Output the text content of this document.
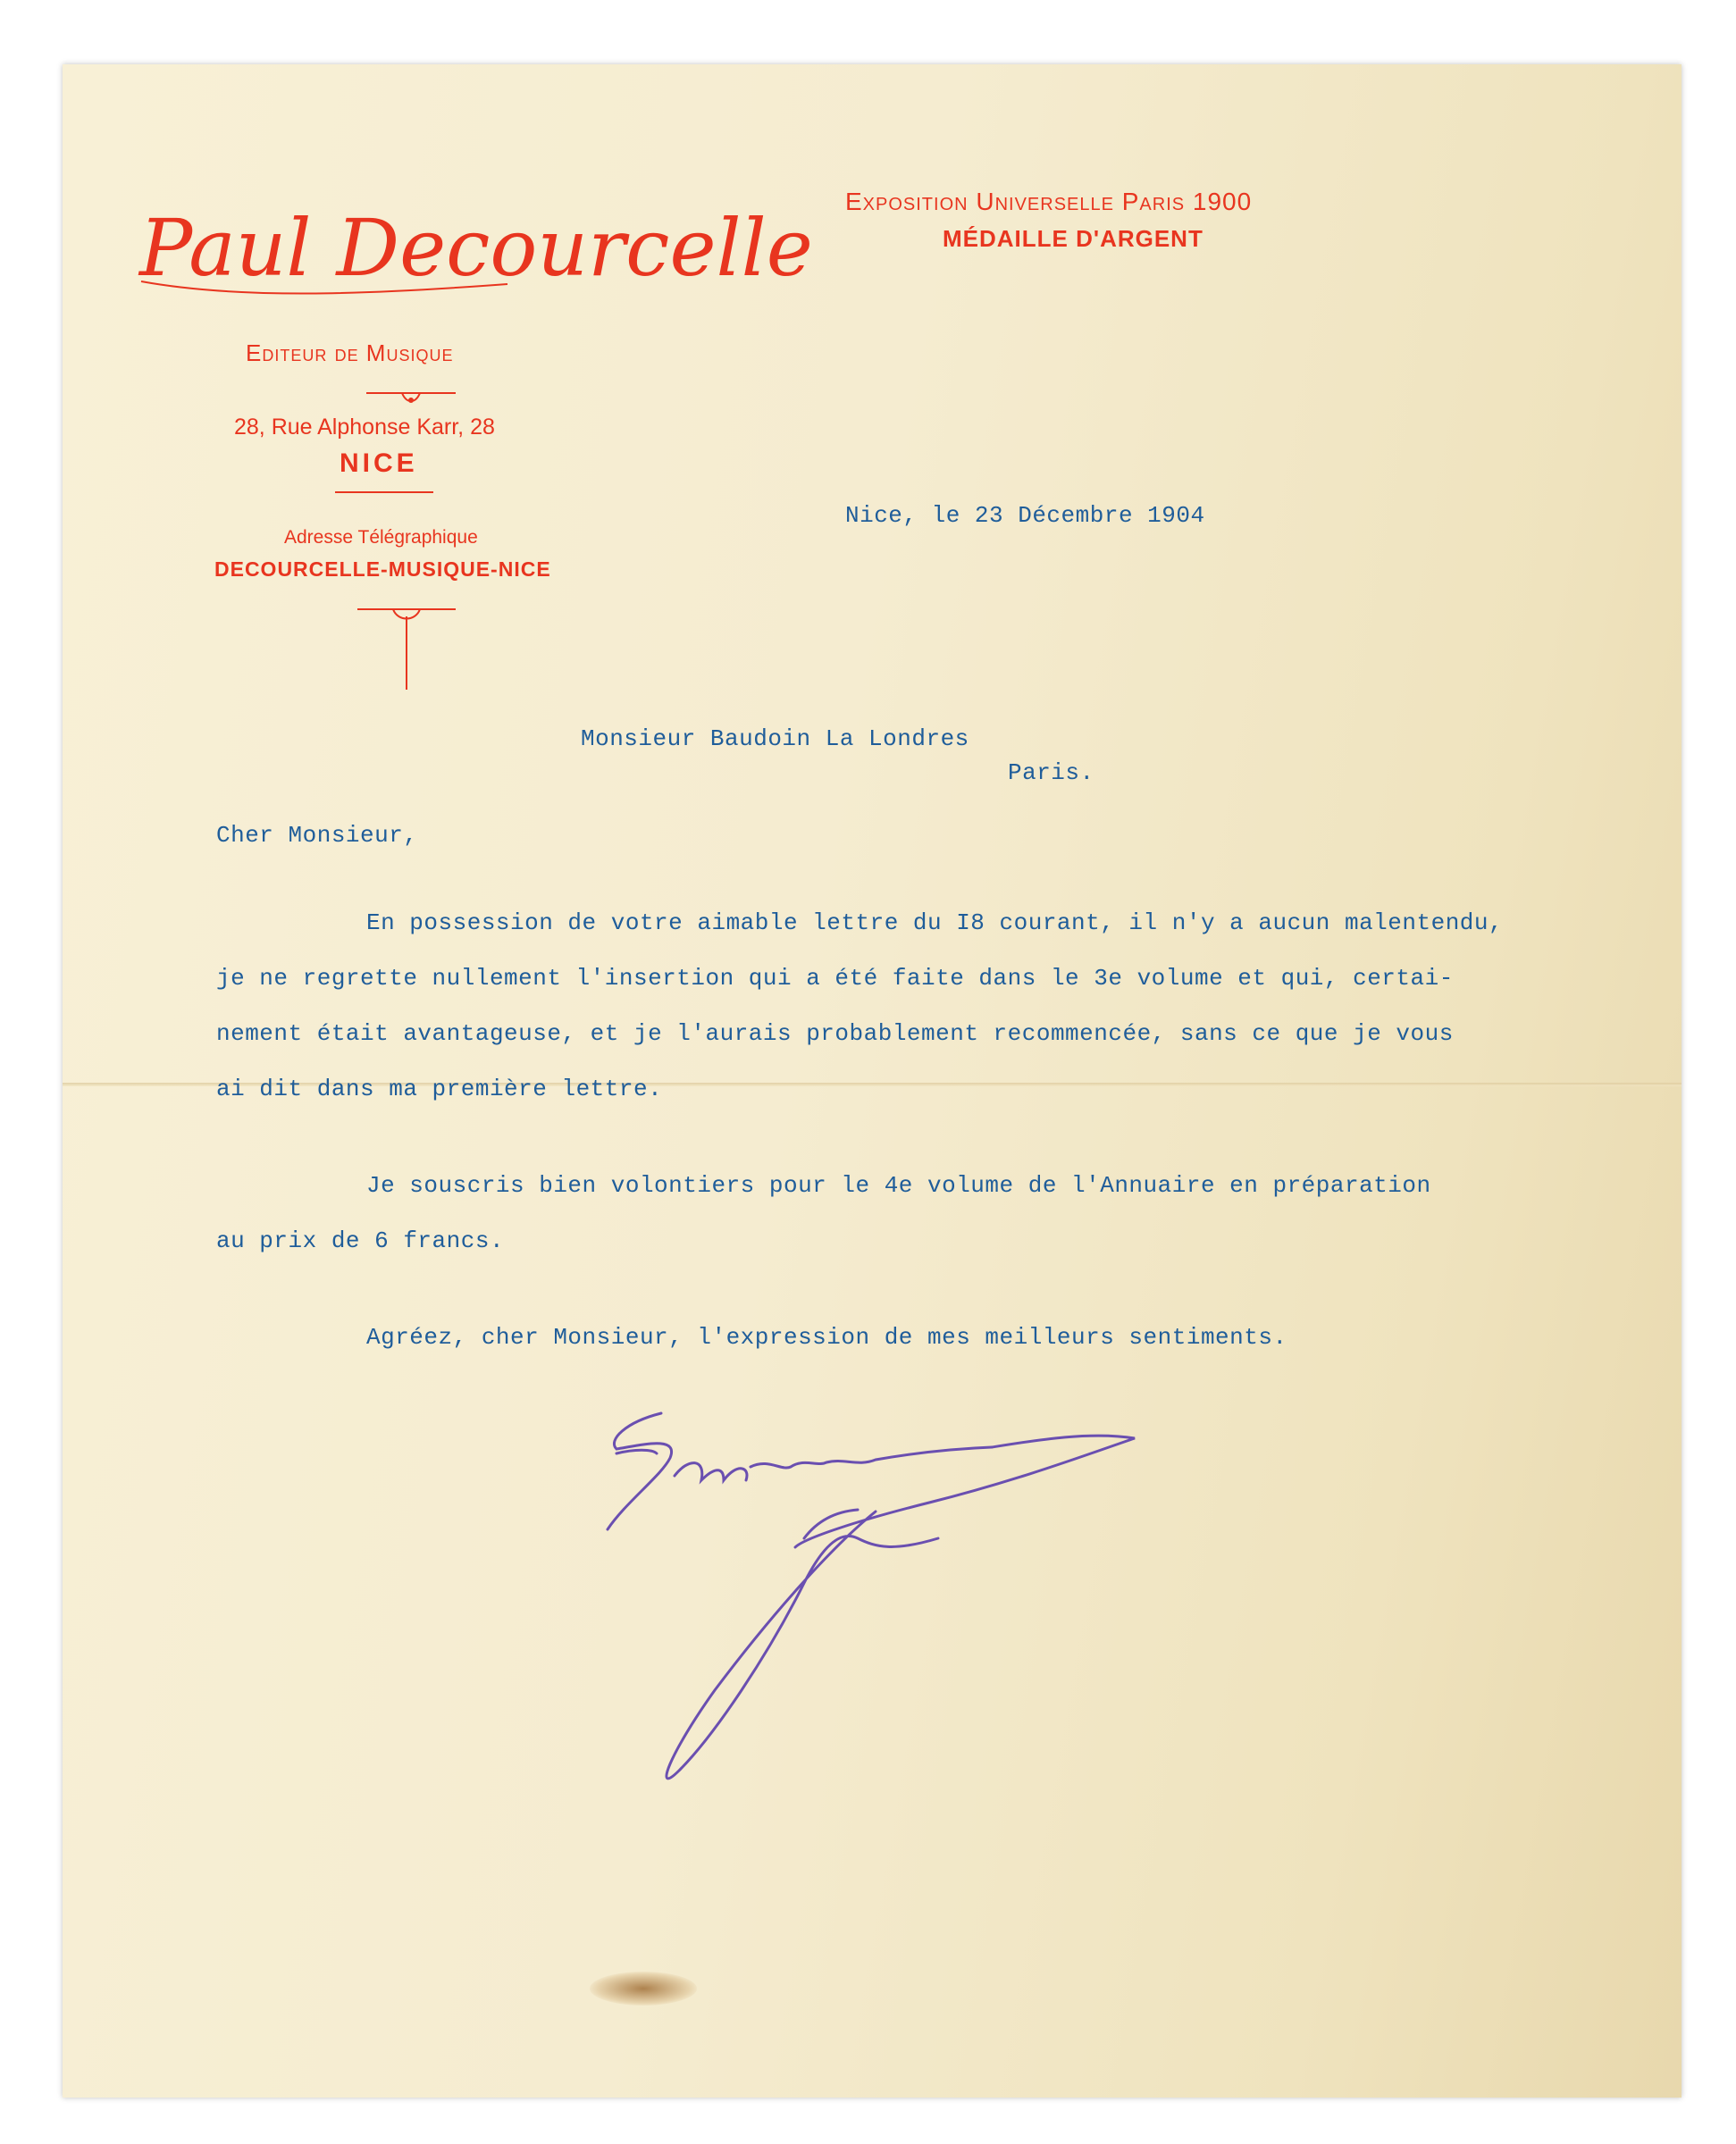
Paul Decourcelle
Editeur de Musique
28, Rue Alphonse Karr, 28
NICE
Adresse Télégraphique
DECOURCELLE-MUSIQUE-NICE
Exposition Universelle Paris 1900
MÉDAILLE D'ARGENT
Nice, le 23 Décembre 1904
Monsieur Baudoin La Londres
Paris.
Cher Monsieur,
En possession de votre aimable lettre du I8 courant, il n'y a aucun malentendu,
je ne regrette nullement l'insertion qui a été faite dans le 3e volume et qui, certai-
nement était avantageuse, et je l'aurais probablement recommencée, sans ce que je vous
ai dit dans ma première lettre.
Je souscris bien volontiers pour le 4e volume de l'Annuaire en préparation
au prix de 6 francs.
Agréez, cher Monsieur, l'expression de mes meilleurs sentiments.
